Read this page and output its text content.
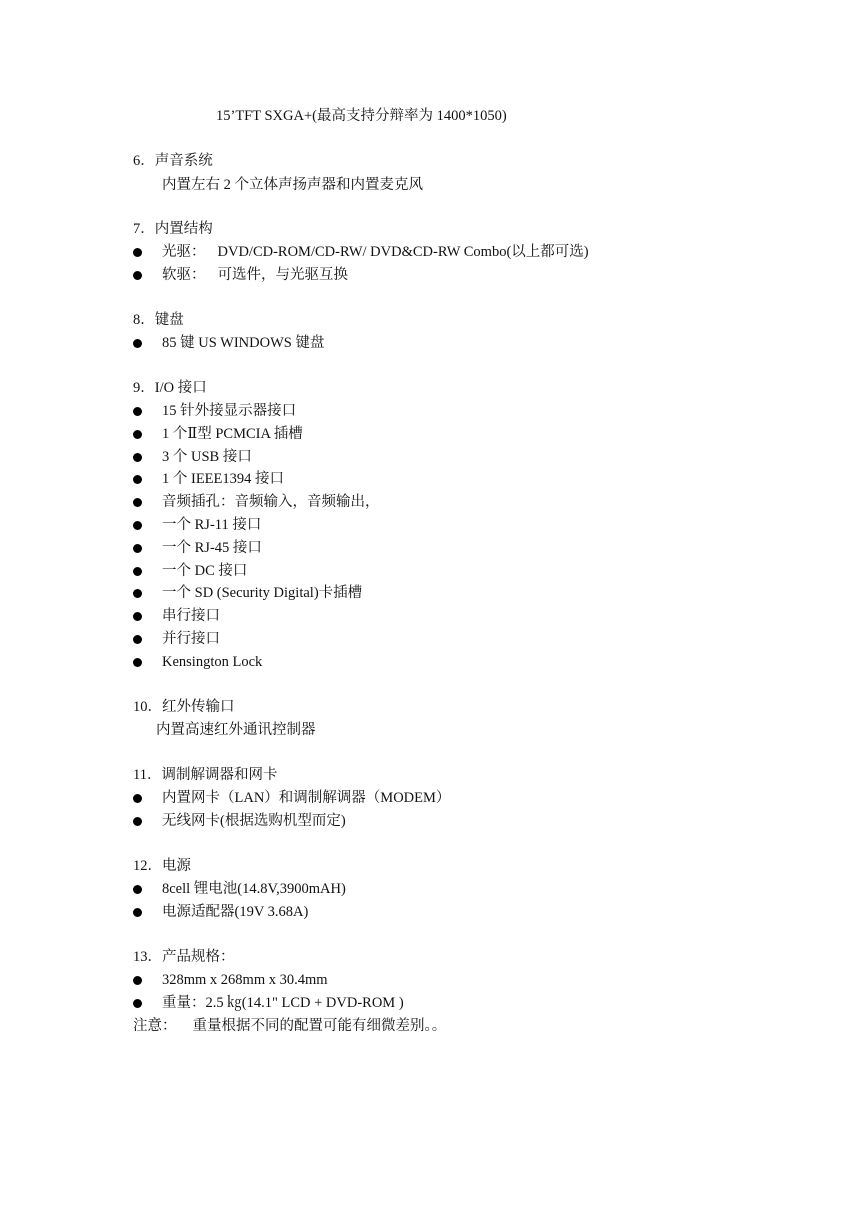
15’TFT SXGA+(最高支持分辩率为 1400*1050)
6．声音系统
内置左右 2 个立体声扬声器和内置麦克风
7．内置结构
光驱： DVD/CD-ROM/CD-RW/ DVD&CD-RW Combo(以上都可选)
软驱： 可选件，与光驱互换
8．键盘
85 键 US WINDOWS 键盘
9．I/O 接口
15 针外接显示器接口
1 个Ⅱ型 PCMCIA 插槽
3 个 USB 接口
1 个 IEEE1394 接口
音频插孔：音频输入，音频输出，
一个 RJ-11 接口
一个 RJ-45 接口
一个 DC 接口
一个 SD (Security Digital)卡插槽
串行接口
并行接口
Kensington Lock
10．红外传输口
内置高速红外通讯控制器
11．调制解调器和网卡
内置网卡（LAN）和调制解调器（MODEM）
无线网卡(根据选购机型而定)
12．电源
8cell 锂电池(14.8V,3900mAH)
电源适配器(19V 3.68A)
13．产品规格：
328mm x 268mm x 30.4mm
重量：2.5 ㎏(14.1" LCD + DVD-ROM )
注意： 重量根据不同的配置可能有细微差别。。
